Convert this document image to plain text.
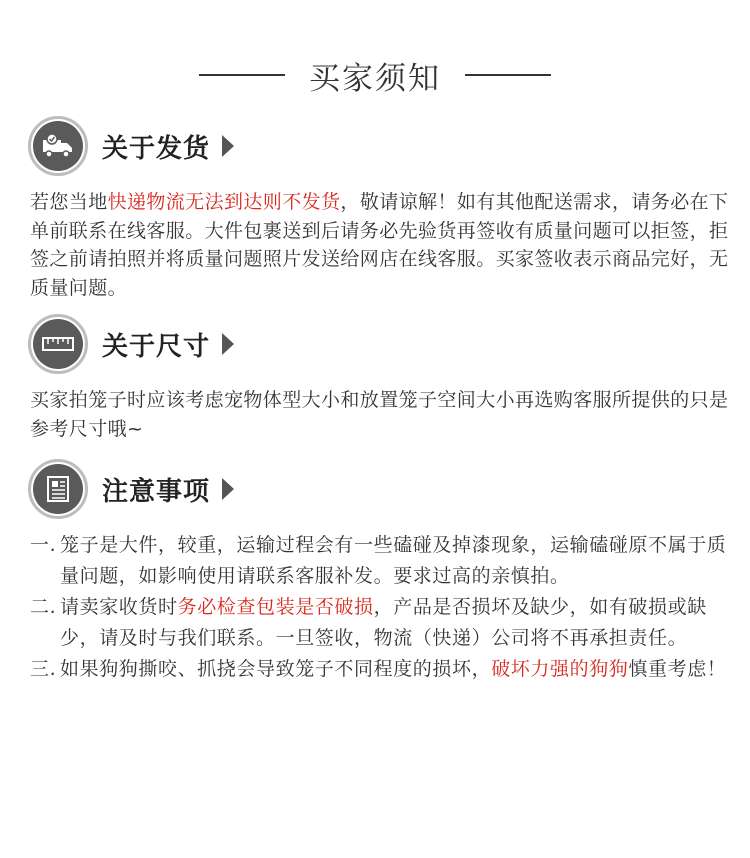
买家须知
关于发货
若您当地快递物流无法到达则不发货，敬请谅解！如有其他配送需求，请务必在下单前联系在线客服。大件包裹送到后请务必先验货再签收有质量问题可以拒签，拒签之前请拍照并将质量问题照片发送给网店在线客服。买家签收表示商品完好，无质量问题。
关于尺寸
买家拍笼子时应该考虑宠物体型大小和放置笼子空间大小再选购客服所提供的只是参考尺寸哦~
注意事项
一. 笼子是大件，较重，运输过程会有一些磕碰及掉漆现象，运输磕碰原不属于质量问题，如影响使用请联系客服补发。要求过高的亲慎拍。
二. 请卖家收货时务必检查包装是否破损，产品是否损坏及缺少，如有破损或缺少，请及时与我们联系。一旦签收，物流（快递）公司将不再承担责任。
三. 如果狗狗撕咬、抓挠会导致笼子不同程度的损坏，破坏力强的狗狗慎重考虑！
